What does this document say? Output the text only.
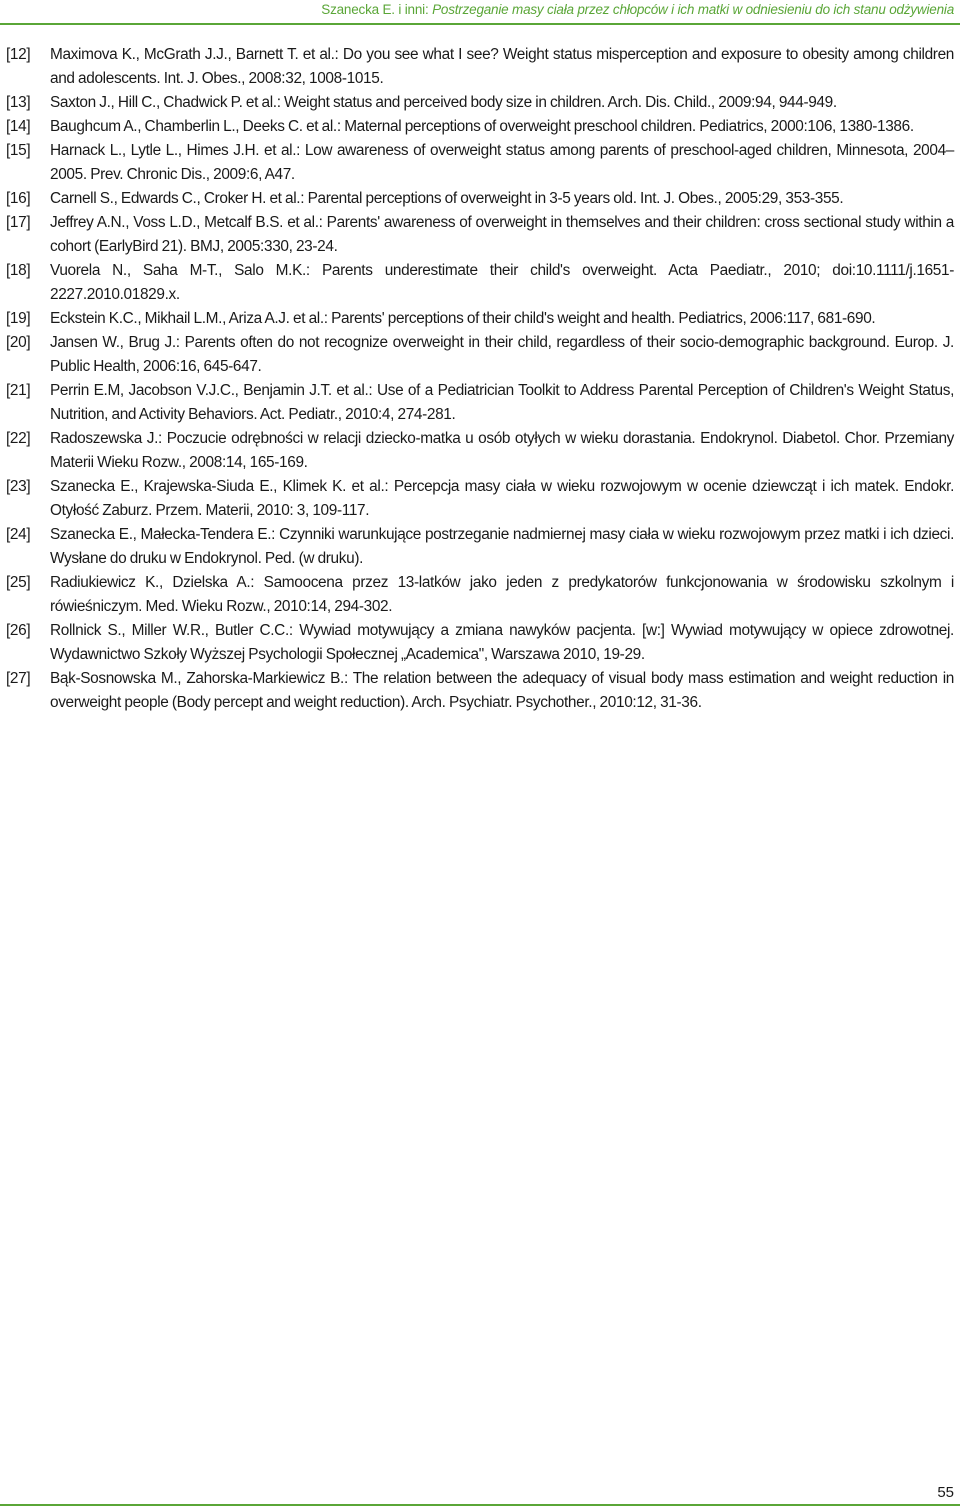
Szanecka E. i inni: Postrzeganie masy ciała przez chłopców i ich matki w odniesieniu do ich stanu odżywienia
[12]	Maximova K., McGrath J.J., Barnett T. et al.: Do you see what I see? Weight status misperception and exposure to obesity among children and adolescents. Int. J. Obes., 2008:32, 1008-1015.
[13]	Saxton J., Hill C., Chadwick P. et al.: Weight status and perceived body size in children. Arch. Dis. Child., 2009:94, 944-949.
[14]	Baughcum A., Chamberlin L., Deeks C. et al.: Maternal perceptions of overweight preschool children. Pediatrics, 2000:106, 1380-1386.
[15]	Harnack L., Lytle L., Himes J.H. et al.: Low awareness of overweight status among parents of preschool-aged children, Minnesota, 2004–2005. Prev. Chronic Dis., 2009:6, A47.
[16]	Carnell S., Edwards C., Croker H. et al.: Parental perceptions of overweight in 3-5 years old. Int. J. Obes., 2005:29, 353-355.
[17]	Jeffrey A.N., Voss L.D., Metcalf B.S. et al.: Parents' awareness of overweight in themselves and their children: cross sectional study within a cohort (EarlyBird 21). BMJ, 2005:330, 23-24.
[18]	Vuorela N., Saha M-T., Salo M.K.: Parents underestimate their child's overweight. Acta Paediatr., 2010; doi:10.1111/j.1651-2227.2010.01829.x.
[19]	Eckstein K.C., Mikhail L.M., Ariza A.J. et al.: Parents' perceptions of their child's weight and health. Pediatrics, 2006:117, 681-690.
[20]	Jansen W., Brug J.: Parents often do not recognize overweight in their child, regardless of their socio-demographic background. Europ. J. Public Health, 2006:16, 645-647.
[21]	Perrin E.M, Jacobson V.J.C., Benjamin J.T. et al.: Use of a Pediatrician Toolkit to Address Parental Perception of Children's Weight Status, Nutrition, and Activity Behaviors. Act. Pediatr., 2010:4, 274-281.
[22]	Radoszewska J.: Poczucie odrębności w relacji dziecko-matka u osób otyłych w wieku dorastania. Endokrynol. Diabetol. Chor. Przemiany Materii Wieku Rozw., 2008:14, 165-169.
[23]	Szanecka E., Krajewska-Siuda E., Klimek K. et al.: Percepcja masy ciała w wieku rozwojowym w ocenie dziewcząt i ich matek. Endokr. Otyłość Zaburz. Przem. Materii, 2010: 3, 109-117.
[24]	Szanecka E., Małecka-Tendera E.: Czynniki warunkujące postrzeganie nadmiernej masy ciała w wieku rozwojowym przez matki i ich dzieci. Wysłane do druku w Endokrynol. Ped. (w druku).
[25]	Radiukiewicz K., Dzielska A.: Samoocena przez 13-latków jako jeden z predykatorów funkcjonowania w środowisku szkolnym i rówieśniczym. Med. Wieku Rozw., 2010:14, 294-302.
[26]	Rollnick S., Miller W.R., Butler C.C.: Wywiad motywujący a zmiana nawyków pacjenta. [w:] Wywiad motywujący w opiece zdrowotnej. Wydawnictwo Szkoły Wyższej Psychologii Społecznej „Academica", Warszawa 2010, 19-29.
[27]	Bąk-Sosnowska M., Zahorska-Markiewicz B.: The relation between the adequacy of visual body mass estimation and weight reduction in overweight people (Body percept and weight reduction). Arch. Psychiatr. Psychother., 2010:12, 31-36.
55
